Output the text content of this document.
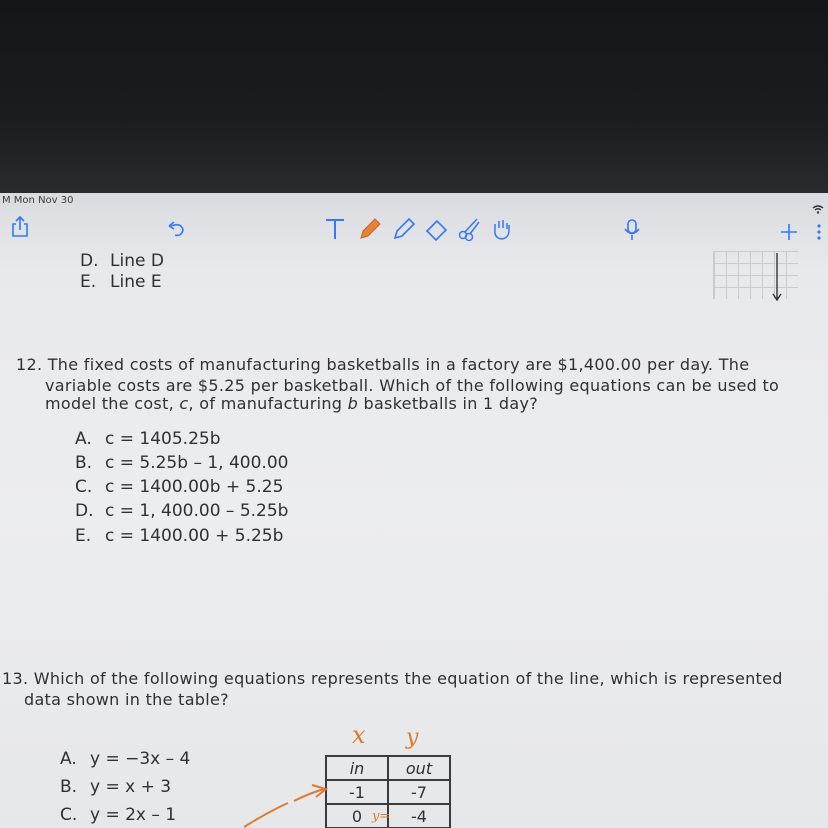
M Mon Nov 30
D. Line D
E. Line E
12. The fixed costs of manufacturing basketballs in a factory are $1,400.00 per day. The
variable costs are $5.25 per basketball. Which of the following equations can be used to
model the cost, c, of manufacturing b basketballs in 1 day?
A. c = 1405.25b
B. c = 5.25b – 1, 400.00
C. c = 1400.00b + 5.25
D. c = 1, 400.00 – 5.25b
E. c = 1400.00 + 5.25b
13. Which of the following equations represents the equation of the line, which is represented
data shown in the table?
A. y = −3x – 4
B. y = x + 3
C. y = 2x – 1
x y
in	out
-1	-7
0	-4
y=
